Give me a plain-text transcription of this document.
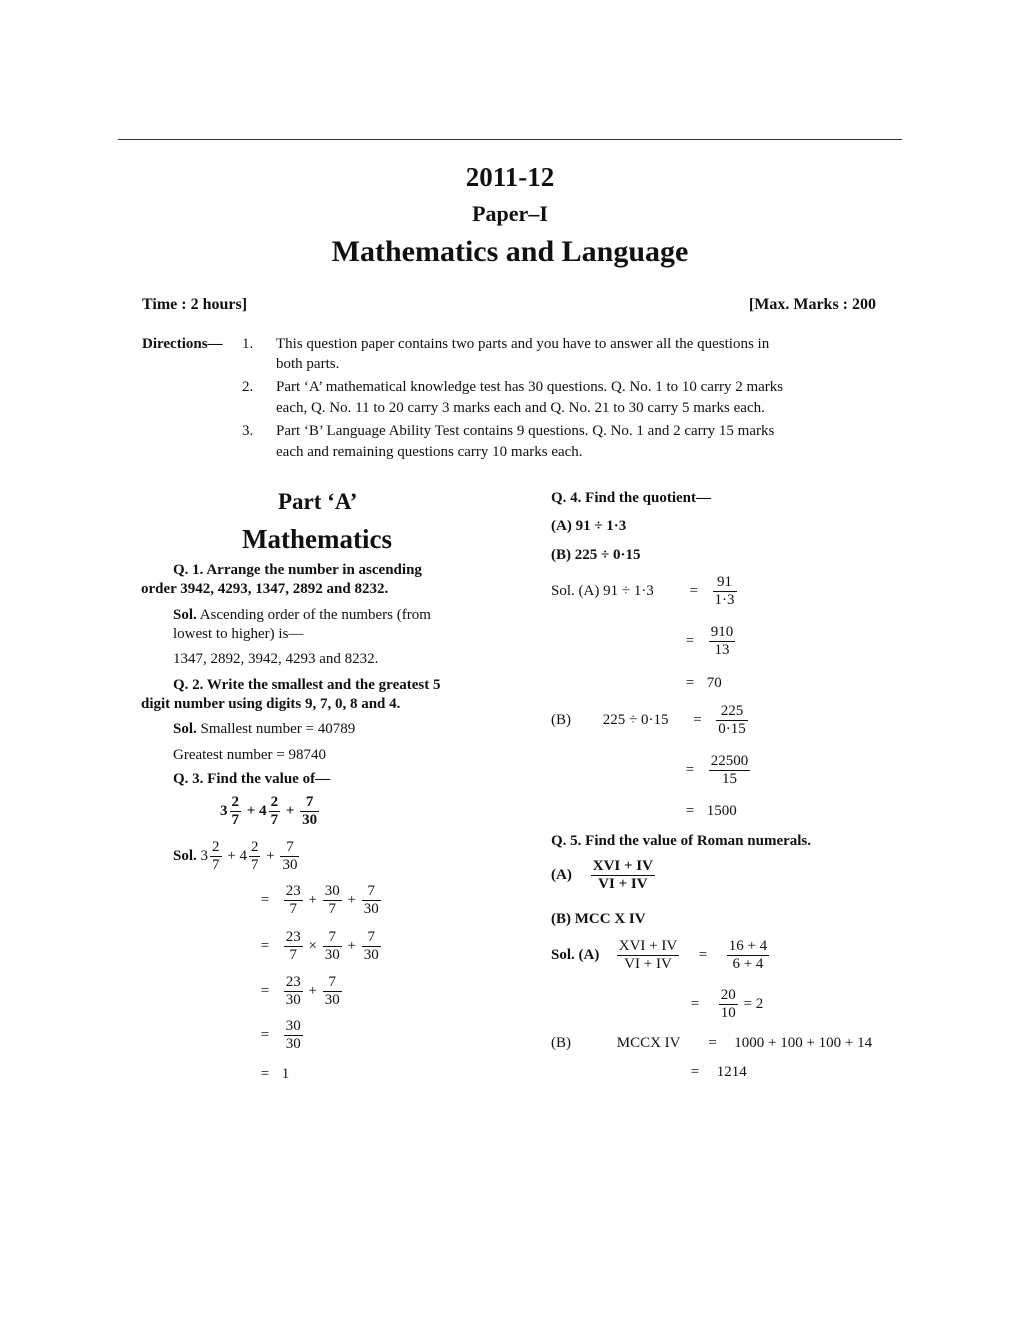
2011-12
Paper–I
Mathematics and Language
Time : 2 hours]	[Max. Marks : 200
Directions— 1. This question paper contains two parts and you have to answer all the questions in
both parts.
2. Part ‘A’ mathematical knowledge test has 30 questions. Q. No. 1 to 10 carry 2 marks
each, Q. No. 11 to 20 carry 3 marks each and Q. No. 21 to 30 carry 5 marks each.
3. Part ‘B’ Language Ability Test contains 9 questions. Q. No. 1 and 2 carry 15 marks
each and remaining questions carry 10 marks each.
Part ‘A’
Mathematics
Q. 1. Arrange the number in ascending
order 3942, 4293, 1347, 2892 and 8232.
Sol. Ascending order of the numbers (from
lowest to higher) is—
1347, 2892, 3942, 4293 and 8232.
Q. 2. Write the smallest and the greatest 5
digit number using digits 9, 7, 0, 8 and 4.
Sol. Smallest number = 40789
Greatest number = 98740
Q. 3. Find the value of—
$3 \frac{2}{7} + 4 \frac{2}{7} + \frac{7}{30}$
Sol. $3 \frac{2}{7} + 4 \frac{2}{7} + \frac{7}{30}$
= $\frac{23}{7} + \frac{30}{7} + \frac{7}{30}$
= $\frac{23}{7} \times \frac{7}{30} + \frac{7}{30}$
= $\frac{23}{30} + \frac{7}{30}$
= $\frac{30}{30}$
= 1
Q. 4. Find the quotient—
(A) 91 ÷ 1·3
(B) 225 ÷ 0·15
Sol. (A) $91 \div 1\cdot 3 = \frac{91}{1\cdot 3}$
= $\frac{910}{13}$
= 70
(B) $225 \div 0\cdot 15 = \frac{225}{0\cdot 15}$
= $\frac{22500}{15}$
= 1500
Q. 5. Find the value of Roman numerals.
(A)
XVI + IV
VI + IV
(B) MCC X IV
Sol. (A)
XVI + IV
VI + IV
= $\frac{16 + 4}{6 + 4}$
= $\frac{20}{10} = 2$
(B)	MCCX IV = 1000 + 100 + 100 + 14
= 1214
